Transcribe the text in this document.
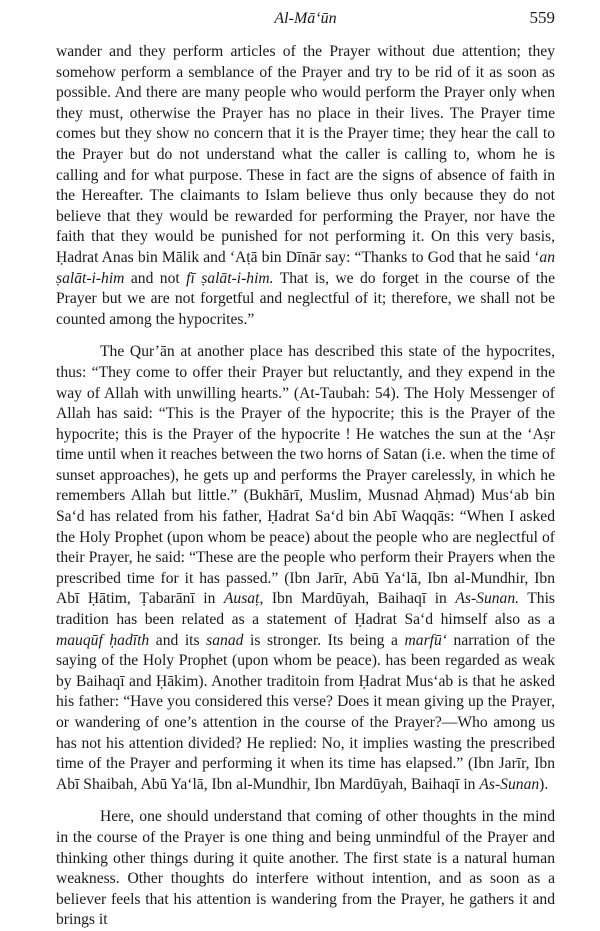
Al-Mā‘ūn	559

wander and they perform articles of the Prayer without due attention; they somehow perform a semblance of the Prayer and try to be rid of it as soon as possible. And there are many people who would perform the Prayer only when they must, otherwise the Prayer has no place in their lives. The Prayer time comes but they show no concern that it is the Prayer time; they hear the call to the Prayer but do not understand what the caller is calling to, whom he is calling and for what purpose. These in fact are the signs of absence of faith in the Hereafter. The claimants to Islam believe thus only because they do not believe that they would be rewarded for performing the Prayer, nor have the faith that they would be punished for not performing it. On this very basis, Ḥadrat Anas bin Mālik and ‘Aṭā bin Dīnār say: “Thanks to God that he said ‘an ṣalāt-i-him and not fī ṣalāt-i-him. That is, we do forget in the course of the Prayer but we are not forgetful and neglectful of it; therefore, we shall not be counted among the hypocrites.”

The Qur’ān at another place has described this state of the hypocrites, thus: “They come to offer their Prayer but reluctantly, and they expend in the way of Allah with unwilling hearts.” (At-Taubah: 54). The Holy Messenger of Allah has said: “This is the Prayer of the hypocrite; this is the Prayer of the hypocrite; this is the Prayer of the hypocrite ! He watches the sun at the ‘Aṣr time until when it reaches between the two horns of Satan (i.e. when the time of sunset approaches), he gets up and performs the Prayer carelessly, in which he remembers Allah but little.” (Bukhārī, Muslim, Musnad Aḥmad) Mus‘ab bin Sa‘d has related from his father, Ḥadrat Sa‘d bin Abī Waqqās: “When I asked the Holy Prophet (upon whom be peace) about the people who are neglectful of their Prayer, he said: “These are the people who perform their Prayers when the prescribed time for it has passed.” (Ibn Jarīr, Abū Ya‘lā, Ibn al-Mundhir, Ibn Abī Ḥātim, Ṭabarānī in Ausaṭ, Ibn Mardūyah, Baihaqī in As-Sunan. This tradition has been related as a statement of Ḥadrat Sa‘d himself also as a mauqūf ḥadīth and its sanad is stronger. Its being a marfū‘ narration of the saying of the Holy Prophet (upon whom be peace). has been regarded as weak by Baihaqī and Ḥākim). Another traditoin from Ḥadrat Mus‘ab is that he asked his father: “Have you considered this verse? Does it mean giving up the Prayer, or wandering of one’s attention in the course of the Prayer?—Who among us has not his attention divided? He replied: No, it implies wasting the prescribed time of the Prayer and performing it when its time has elapsed.” (Ibn Jarīr, Ibn Abī Shaibah, Abū Ya‘lā, Ibn al-Mundhir, Ibn Mardūyah, Baihaqī in As-Sunan).

Here, one should understand that coming of other thoughts in the mind in the course of the Prayer is one thing and being unmindful of the Prayer and thinking other things during it quite another. The first state is a natural human weakness. Other thoughts do interfere without intention, and as soon as a believer feels that his attention is wandering from the Prayer, he gathers it and brings it
